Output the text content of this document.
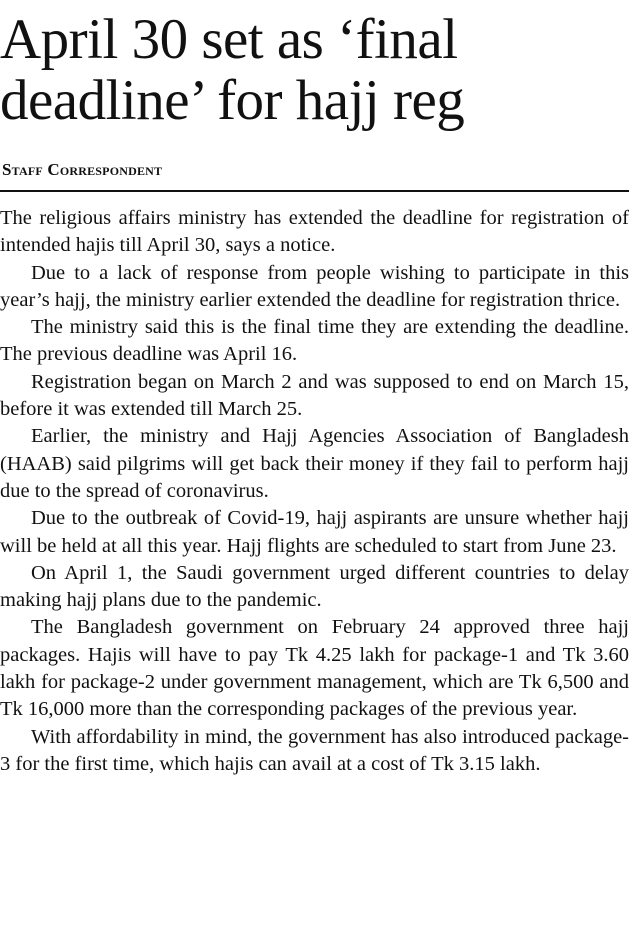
April 30 set as ‘final
deadline’ for hajj reg
Staff Correspondent

The religious affairs ministry has extended the deadline for registration of intended hajis till April 30, says a notice.

Due to a lack of response from people wishing to participate in this year’s hajj, the ministry earlier extended the deadline for registration thrice.

The ministry said this is the final time they are extending the deadline. The previous deadline was April 16.

Registration began on March 2 and was supposed to end on March 15, before it was extended till March 25.

Earlier, the ministry and Hajj Agencies Association of Bangladesh (HAAB) said pilgrims will get back their money if they fail to perform hajj due to the spread of coronavirus.

Due to the outbreak of Covid-19, hajj aspirants are unsure whether hajj will be held at all this year. Hajj flights are scheduled to start from June 23.

On April 1, the Saudi government urged different countries to delay making hajj plans due to the pandemic.

The Bangladesh government on February 24 approved three hajj packages. Hajis will have to pay Tk 4.25 lakh for package-1 and Tk 3.60 lakh for package-2 under government management, which are Tk 6,500 and Tk 16,000 more than the corresponding packages of the previous year.

With affordability in mind, the government has also introduced package-3 for the first time, which hajis can avail at a cost of Tk 3.15 lakh.
